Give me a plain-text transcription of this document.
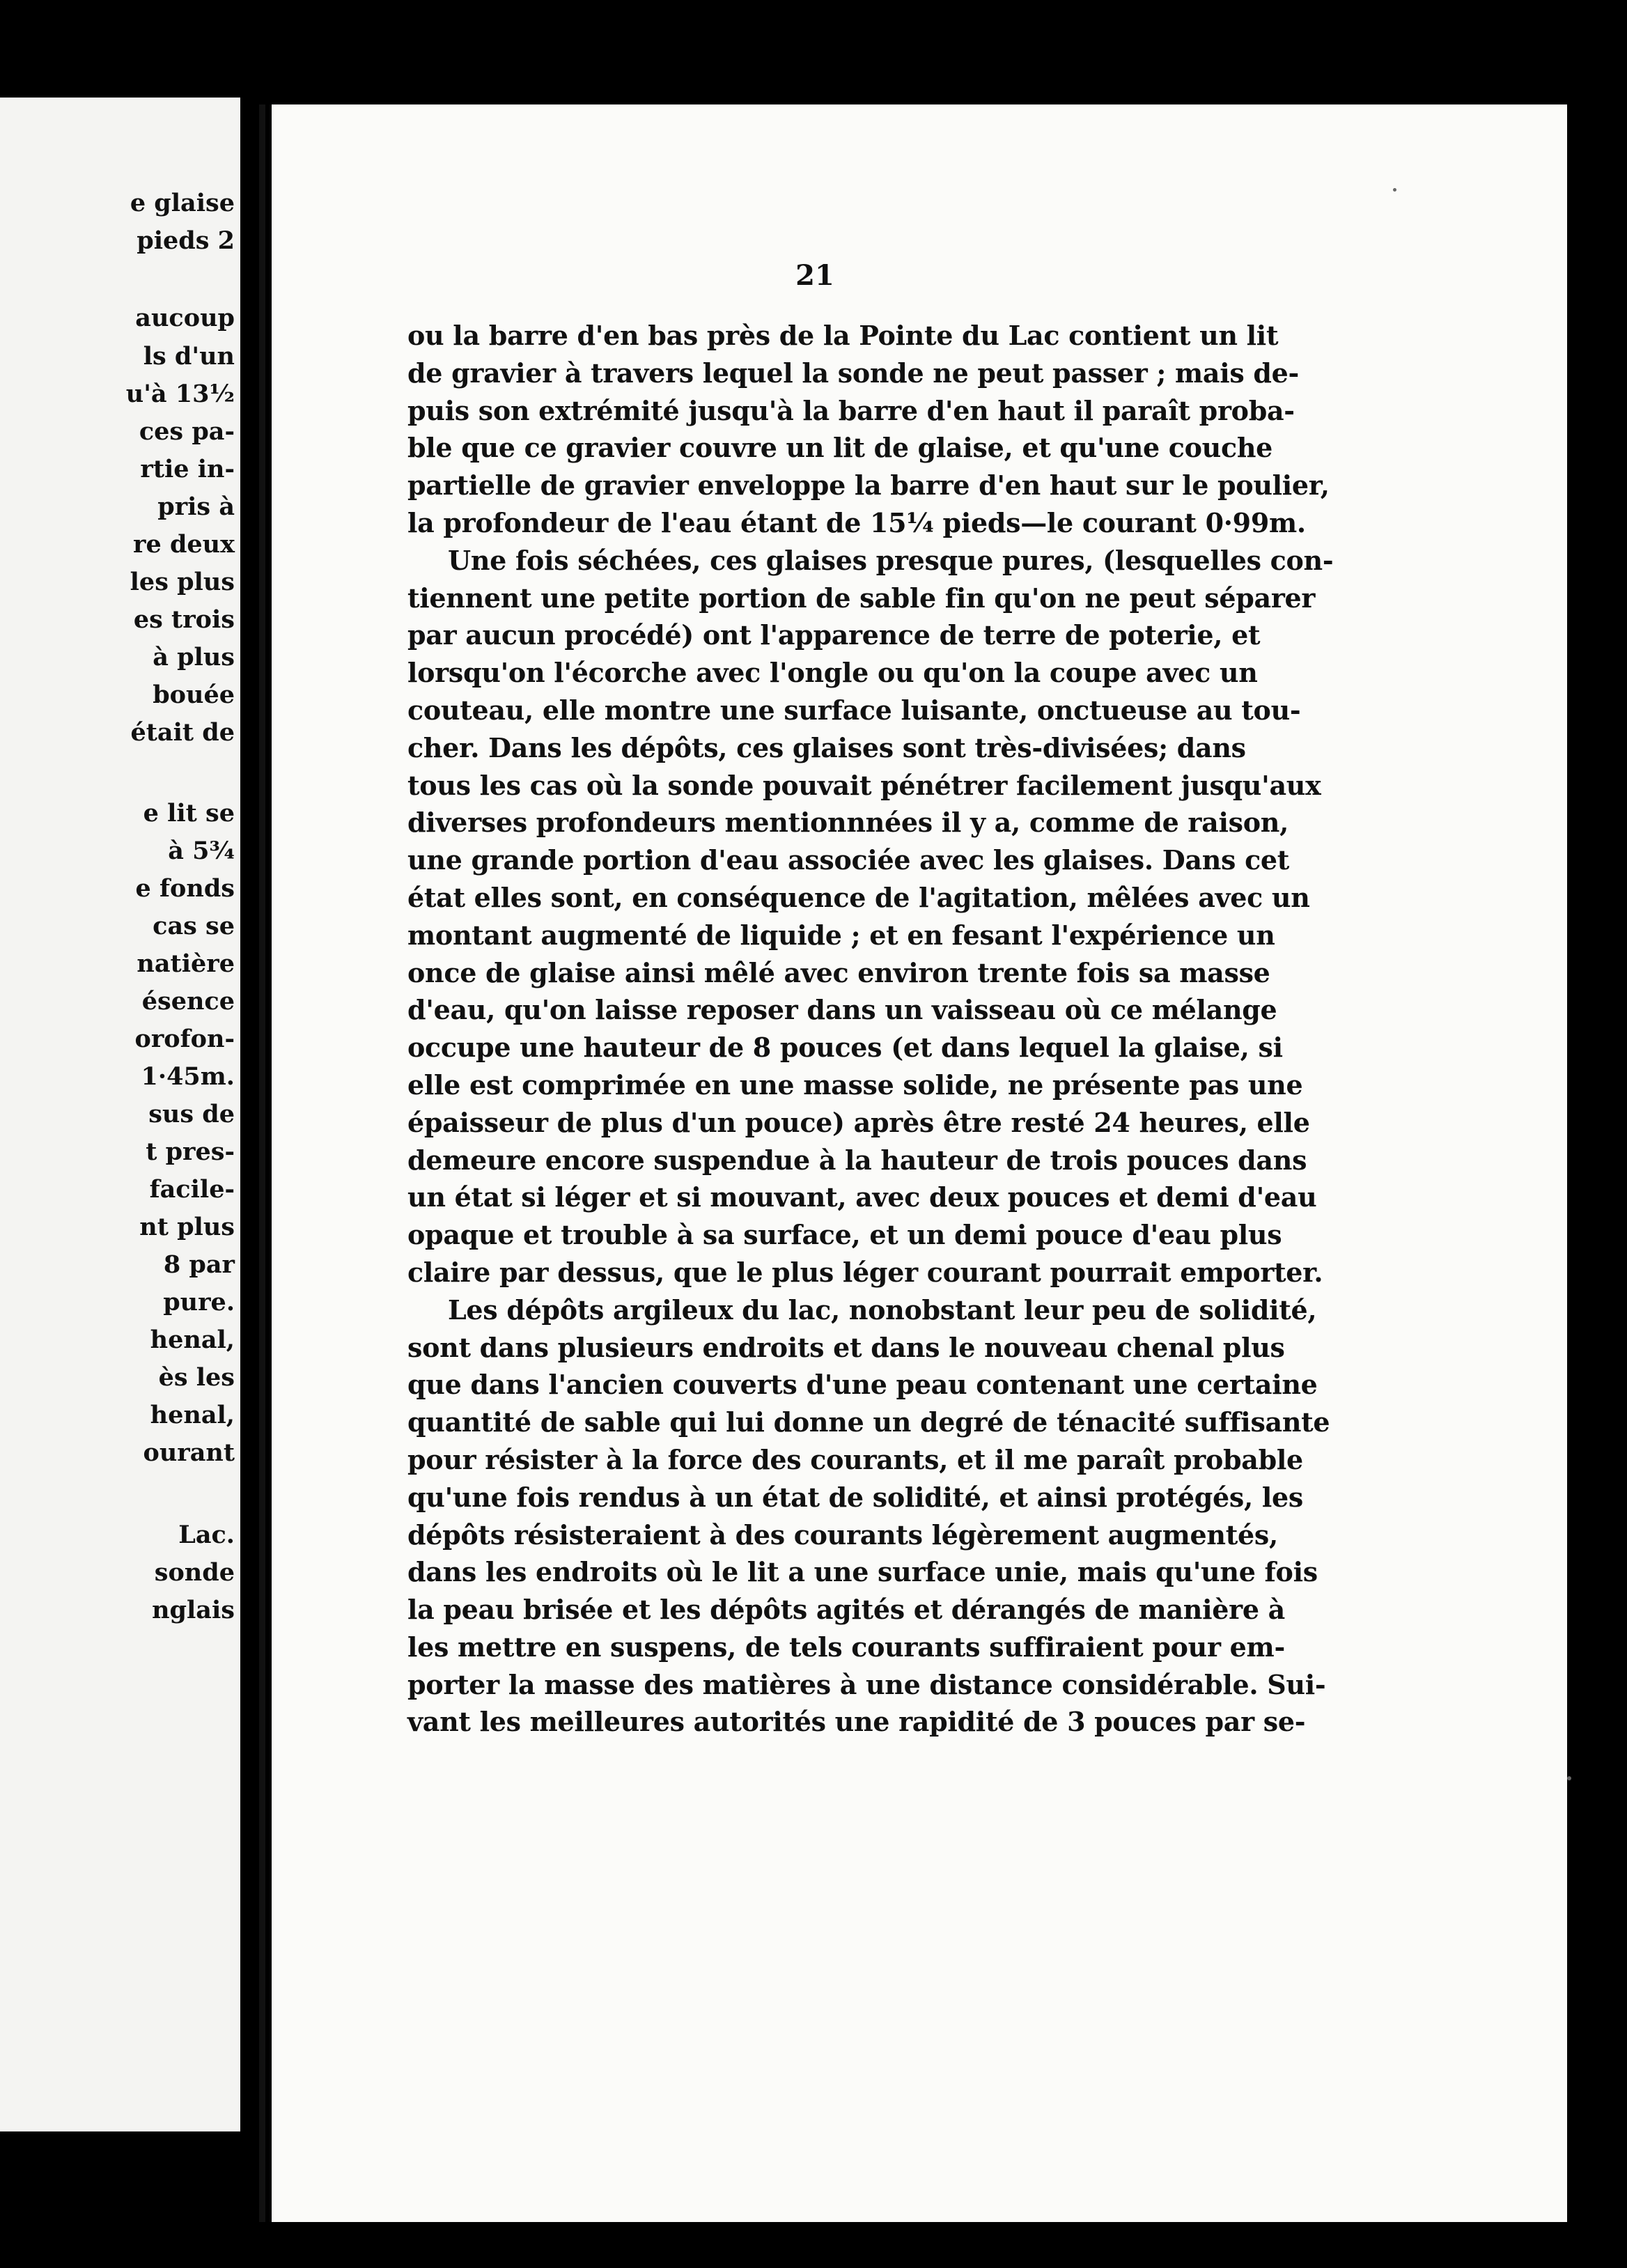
e glaise
pieds 2
aucoup
ls d'un
u'à 13½
ces pa-
rtie in-
pris à
re deux
les plus
es trois
à plus
bouée
était de
e lit se
à 5¾
e fonds
cas se
natière
ésence
orofon-
1·45m.
sus de
t pres-
facile-
nt plus
8 par
pure.
henal,
ès les
henal,
ourant
Lac.
sonde
nglais
21
ou la barre d'en bas près de la Pointe du Lac contient un lit
de gravier à travers lequel la sonde ne peut passer ; mais de-
puis son extrémité jusqu'à la barre d'en haut il paraît proba-
ble que ce gravier couvre un lit de glaise, et qu'une couche
partielle de gravier enveloppe la barre d'en haut sur le poulier,
la profondeur de l'eau étant de 15¼ pieds—le courant 0·99m.
Une fois séchées, ces glaises presque pures, (lesquelles con-
tiennent une petite portion de sable fin qu'on ne peut séparer
par aucun procédé) ont l'apparence de terre de poterie, et
lorsqu'on l'écorche avec l'ongle ou qu'on la coupe avec un
couteau, elle montre une surface luisante, onctueuse au tou-
cher. Dans les dépôts, ces glaises sont très-divisées; dans
tous les cas où la sonde pouvait pénétrer facilement jusqu'aux
diverses profondeurs mentionnnées il y a, comme de raison,
une grande portion d'eau associée avec les glaises. Dans cet
état elles sont, en conséquence de l'agitation, mêlées avec un
montant augmenté de liquide ; et en fesant l'expérience un
once de glaise ainsi mêlé avec environ trente fois sa masse
d'eau, qu'on laisse reposer dans un vaisseau où ce mélange
occupe une hauteur de 8 pouces (et dans lequel la glaise, si
elle est comprimée en une masse solide, ne présente pas une
épaisseur de plus d'un pouce) après être resté 24 heures, elle
demeure encore suspendue à la hauteur de trois pouces dans
un état si léger et si mouvant, avec deux pouces et demi d'eau
opaque et trouble à sa surface, et un demi pouce d'eau plus
claire par dessus, que le plus léger courant pourrait emporter.
Les dépôts argileux du lac, nonobstant leur peu de solidité,
sont dans plusieurs endroits et dans le nouveau chenal plus
que dans l'ancien couverts d'une peau contenant une certaine
quantité de sable qui lui donne un degré de ténacité suffisante
pour résister à la force des courants, et il me paraît probable
qu'une fois rendus à un état de solidité, et ainsi protégés, les
dépôts résisteraient à des courants légèrement augmentés,
dans les endroits où le lit a une surface unie, mais qu'une fois
la peau brisée et les dépôts agités et dérangés de manière à
les mettre en suspens, de tels courants suffiraient pour em-
porter la masse des matières à une distance considérable. Sui-
vant les meilleures autorités une rapidité de 3 pouces par se-
